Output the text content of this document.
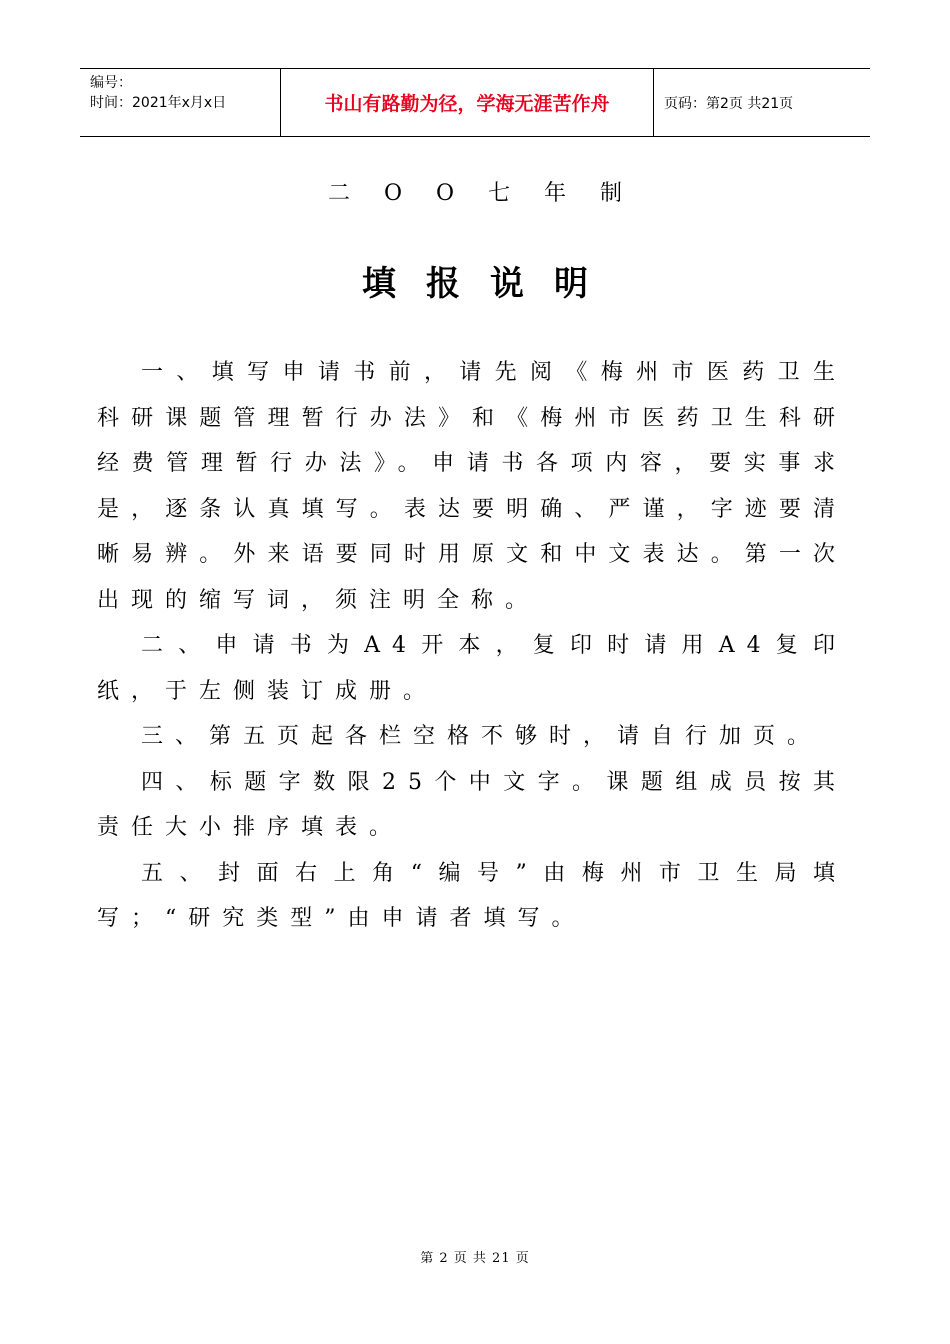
编号：
时间：2021年x月x日	书山有路勤为径，学海无涯苦作舟	页码：第2页 共21页
二OO七年制
填报说明

一、填写申请书前，请先阅《梅州市医药卫生科研课题管理暂行办法》和《梅州市医药卫生科研经费管理暂行办法》。申请书各项内容，要实事求是，逐条认真填写。表达要明确、严谨，字迹要清晰易辨。外来语要同时用原文和中文表达。第一次出现的缩写词，须注明全称。

二、申请书为A4开本，复印时请用A4复印纸，于左侧装订成册。

三、第五页起各栏空格不够时，请自行加页。

四、标题字数限25个中文字。课题组成员按其责任大小排序填表。

五、封面右上角“编号”由梅州市卫生局填写；“研究类型”由申请者填写。

第 2 页 共 21 页
